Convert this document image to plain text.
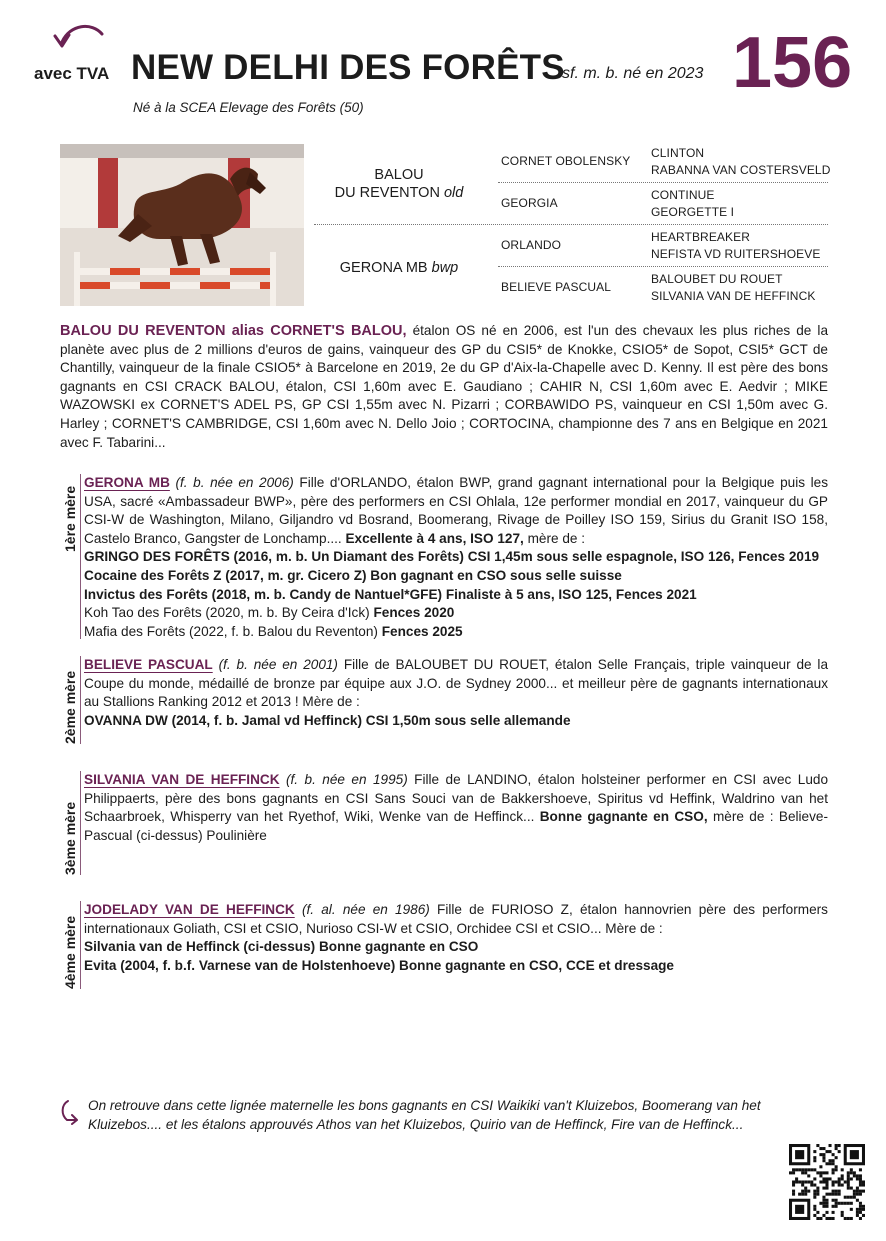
avec TVA NEW DELHI DES FORÊTS
sf. m. b. né en 2023 156
Né à la SCEA Elevage des Forêts (50)
BALOU
DU REVENTON old
GERONA MB bwp
CORNET OBOLENSKY
GEORGIA
ORLANDO
BELIEVE PASCUAL
CLINTON
RABANNA VAN COSTERSVELD
CONTINUE
GEORGETTE I
HEARTBREAKER
NEFISTA VD RUITERSHOEVE
BALOUBET DU ROUET
SILVANIA VAN DE HEFFINCK
BALOU DU REVENTON alias CORNET'S BALOU, étalon OS né en 2006, est l'un des chevaux les plus riches de la planète avec plus de 2 millions d'euros de gains, vainqueur des GP du CSI5* de Knokke, CSIO5* de Sopot, CSI5* GCT de Chantilly, vainqueur de la finale CSIO5* à Barcelone en 2019, 2e du GP d'Aix-la-Chapelle avec D. Kenny. Il est père des bons gagnants en CSI CRACK BALOU, étalon, CSI 1,60m avec E. Gaudiano ; CAHIR N, CSI 1,60m avec E. Aedvir ; MIKE WAZOWSKI ex CORNET'S ADEL PS, GP CSI 1,55m avec N. Pizarri ; CORBAWIDO PS, vainqueur en CSI 1,50m avec G. Harley ; CORNET'S CAMBRIDGE, CSI 1,60m avec N. Dello Joio ; CORTOCINA, championne des 7 ans en Belgique en 2021 avec F. Tabarini...
1ère mère
GERONA MB (f. b. née en 2006) Fille d'ORLANDO, étalon BWP, grand gagnant international pour la Belgique puis les USA, sacré «Ambassadeur BWP», père des performers en CSI Ohlala, 12e performer mondial en 2017, vainqueur du GP CSI-W de Washington, Milano, Giljandro vd Bosrand, Boomerang, Rivage de Poilley ISO 159, Sirius du Granit ISO 158, Castelo Branco, Gangster de Lonchamp.... Excellente à 4 ans, ISO 127, mère de :
GRINGO DES FORÊTS (2016, m. b. Un Diamant des Forêts) CSI 1,45m sous selle espagnole, ISO 126, Fences 2019
Cocaine des Forêts Z (2017, m. gr. Cicero Z) Bon gagnant en CSO sous selle suisse
Invictus des Forêts (2018, m. b. Candy de Nantuel*GFE) Finaliste à 5 ans, ISO 125, Fences 2021
Koh Tao des Forêts (2020, m. b. By Ceira d'Ick) Fences 2020
Mafia des Forêts (2022, f. b. Balou du Reventon) Fences 2025
2ème mère
BELIEVE PASCUAL (f. b. née en 2001) Fille de BALOUBET DU ROUET, étalon Selle Français, triple vainqueur de la Coupe du monde, médaillé de bronze par équipe aux J.O. de Sydney 2000... et meilleur père de gagnants internationaux au Stallions Ranking 2012 et 2013 ! Mère de :
OVANNA DW (2014, f. b. Jamal vd Heffinck) CSI 1,50m sous selle allemande
3ème mère
SILVANIA VAN DE HEFFINCK (f. b. née en 1995) Fille de LANDINO, étalon holsteiner performer en CSI avec Ludo Philippaerts, père des bons gagnants en CSI Sans Souci van de Bakkershoeve, Spiritus vd Heffink, Waldrino van het Schaarbroek, Whisperry van het Ryethof, Wiki, Wenke van de Heffinck... Bonne gagnante en CSO, mère de : Believe-Pascual (ci-dessus) Poulinière
4ème mère
JODELADY VAN DE HEFFINCK (f. al. née en 1986) Fille de FURIOSO Z, étalon hannovrien père des performers internationaux Goliath, CSI et CSIO, Nurioso CSI-W et CSIO, Orchidee CSI et CSIO... Mère de :
Silvania van de Heffinck (ci-dessus) Bonne gagnante en CSO
Evita (2004, f. b.f. Varnese van de Holstenhoeve) Bonne gagnante en CSO, CCE et dressage
On retrouve dans cette lignée maternelle les bons gagnants en CSI Waikiki van't Kluizebos, Boomerang van het Kluizebos.... et les étalons approuvés Athos van het Kluizebos, Quirio van de Heffinck, Fire van de Heffinck...
